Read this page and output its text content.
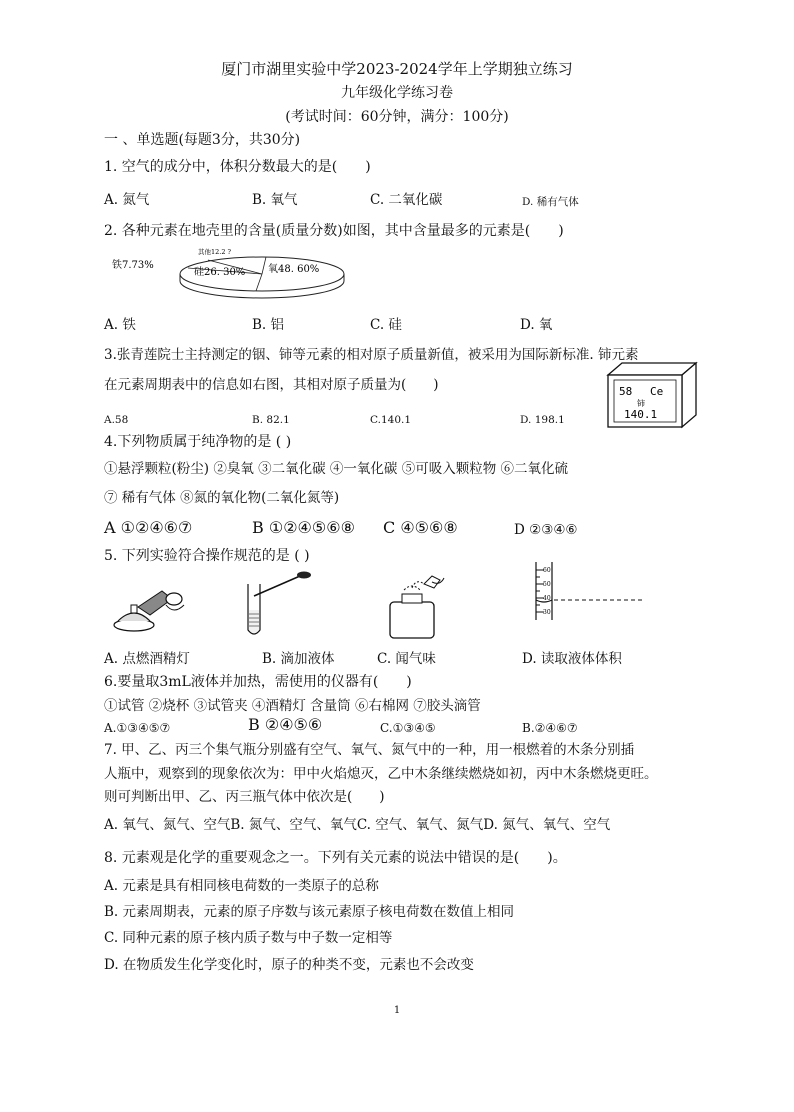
厦门市湖里实验中学2023-2024学年上学期独立练习
九年级化学练习卷
(考试时间：60分钟，满分：100分)
一 、单选题(每题3分，共30分)
1. 空气的成分中，体积分数最大的是(　　)
A. 氮气	B. 氧气	C. 二氧化碳	D. 稀有气体
2. 各种元素在地壳里的含量(质量分数)如图，其中含量最多的元素是(　　)
其他12.2 ?
铁7.73%
硅26. 30% 氧48. 60%
A. 铁	B. 铝	C. 硅	D. 氧
3.张青莲院士主持测定的铟、铈等元素的相对原子质量新值，被采用为国际新标准. 铈元素
在元素周期表中的信息如右图，其相对原子质量为(　　)	58 Ce
铈
140.1
A.58	B. 82.1	C.140.1	D. 198.1
4.下列物质属于纯净物的是 ( )
①悬浮颗粒(粉尘) ②臭氧 ③二氧化碳 ④一氧化碳 ⑤可吸入颗粒物 ⑥二氧化硫
⑦ 稀有气体 ⑧氮的氧化物(二氧化氮等)
A ①②④⑥⑦	B ①②④⑤⑥⑧ C ④⑤⑥⑧	D ②③④⑥
5. 下列实验符合操作规范的是 ( )
60
50
40
30
A. 点燃酒精灯	B. 滴加液体	C. 闻气味	D. 读取液体体积
6.要量取3mL液体并加热，需使用的仪器有(　　)
①试管 ②烧杯 ③试管夹 ④酒精灯 含量筒 ⑥右棉网 ⑦胶头滴管
A.①③④⑤⑦	B ②④⑤⑥	C.①③④⑤	B.②④⑥⑦
7. 甲、乙、丙三个集气瓶分别盛有空气、氧气、氮气中的一种，用一根燃着的木条分别插
人瓶中，观察到的现象依次为：甲中火焰熄灭，乙中木条继续燃烧如初，丙中木条燃烧更旺。
则可判断出甲、乙、丙三瓶气体中依次是(　　)
A. 氧气、氮气、空气B. 氮气、空气、氧气C. 空气、氧气、氮气D. 氮气、氧气、空气
8. 元素观是化学的重要观念之一。下列有关元素的说法中错误的是(　　)。
A. 元素是具有相同核电荷数的一类原子的总称
B. 元素周期表，元素的原子序数与该元素原子核电荷数在数值上相同
C. 同种元素的原子核内质子数与中子数一定相等
D. 在物质发生化学变化时，原子的种类不变，元素也不会改变
1
